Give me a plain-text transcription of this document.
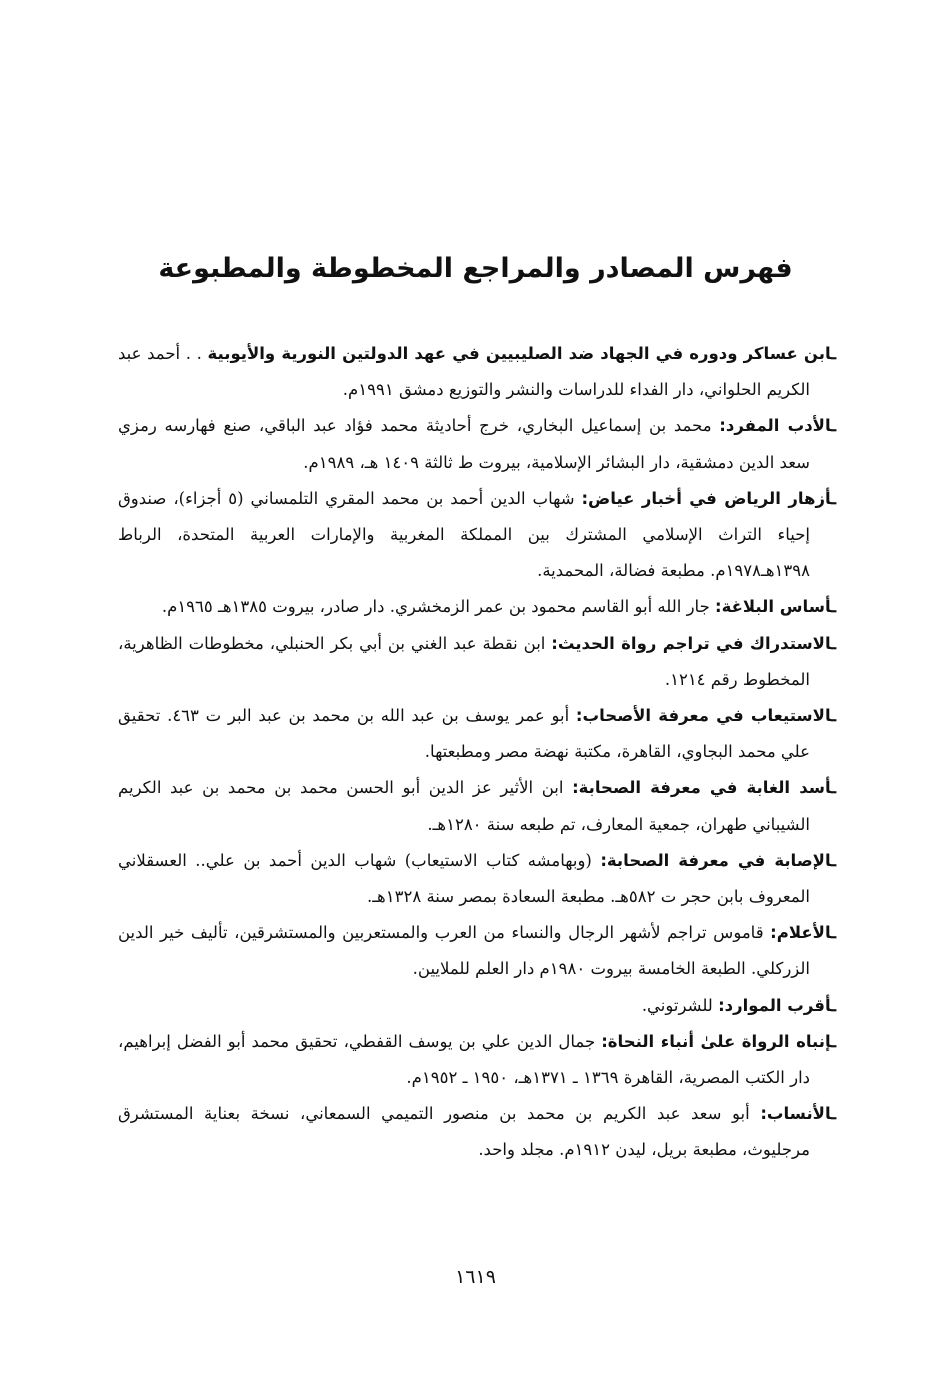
فهرس المصادر والمراجع المخطوطة والمطبوعة

ـابن عساكر ودوره في الجهاد ضد الصليبيين في عهد الدولتين النورية والأيوبية . . أحمد عبد الكريم الحلواني، دار الفداء للدراسات والنشر والتوزيع دمشق ١٩٩١م.

ـالأدب المفرد: محمد بن إسماعيل البخاري، خرج أحاديثة محمد فؤاد عبد الباقي، صنع فهارسه رمزي سعد الدين دمشقية، دار البشائر الإسلامية، بيروت ط ثالثة ١٤٠٩ هـ، ١٩٨٩م.

ـأزهار الرياض في أخبار عياض: شهاب الدين أحمد بن محمد المقري التلمساني (٥ أجزاء)، صندوق إحياء التراث الإسلامي المشترك بين المملكة المغربية والإمارات العربية المتحدة، الرباط ١٣٩٨هـ١٩٧٨م. مطبعة فضالة، المحمدية.

ـأساس البلاغة: جار الله أبو القاسم محمود بن عمر الزمخشري. دار صادر، بيروت ١٣٨٥هـ ١٩٦٥م.

ـالاستدراك في تراجم رواة الحديث: ابن نقطة عبد الغني بن أبي بكر الحنبلي، مخطوطات الظاهرية، المخطوط رقم ١٢١٤.

ـالاستيعاب في معرفة الأصحاب: أبو عمر يوسف بن عبد الله بن محمد بن عبد البر ت ٤٦٣. تحقيق علي محمد البجاوي، القاهرة، مكتبة نهضة مصر ومطبعتها.

ـأسد الغابة في معرفة الصحابة: ابن الأثير عز الدين أبو الحسن محمد بن محمد بن عبد الكريم الشيباني طهران، جمعية المعارف، تم طبعه سنة ١٢٨٠هـ.

ـالإصابة في معرفة الصحابة: (وبهامشه كتاب الاستيعاب) شهاب الدين أحمد بن علي.. العسقلاني المعروف بابن حجر ت ٥٨٢هـ. مطبعة السعادة بمصر سنة ١٣٢٨هـ.

ـالأعلام: قاموس تراجم لأشهر الرجال والنساء من العرب والمستعربين والمستشرقين، تأليف خير الدين الزركلي. الطبعة الخامسة بيروت ١٩٨٠م دار العلم للملايين.

ـأقرب الموارد: للشرتوني.

ـإنباه الرواة علىٰ أنباء النحاة: جمال الدين علي بن يوسف القفطي، تحقيق محمد أبو الفضل إبراهيم، دار الكتب المصرية، القاهرة ١٣٦٩ ـ ١٣٧١هـ، ١٩٥٠ ـ ١٩٥٢م.

ـالأنساب: أبو سعد عبد الكريم بن محمد بن منصور التميمي السمعاني، نسخة بعناية المستشرق مرجليوث، مطبعة بريل، ليدن ١٩١٢م. مجلد واحد.

١٦١٩
